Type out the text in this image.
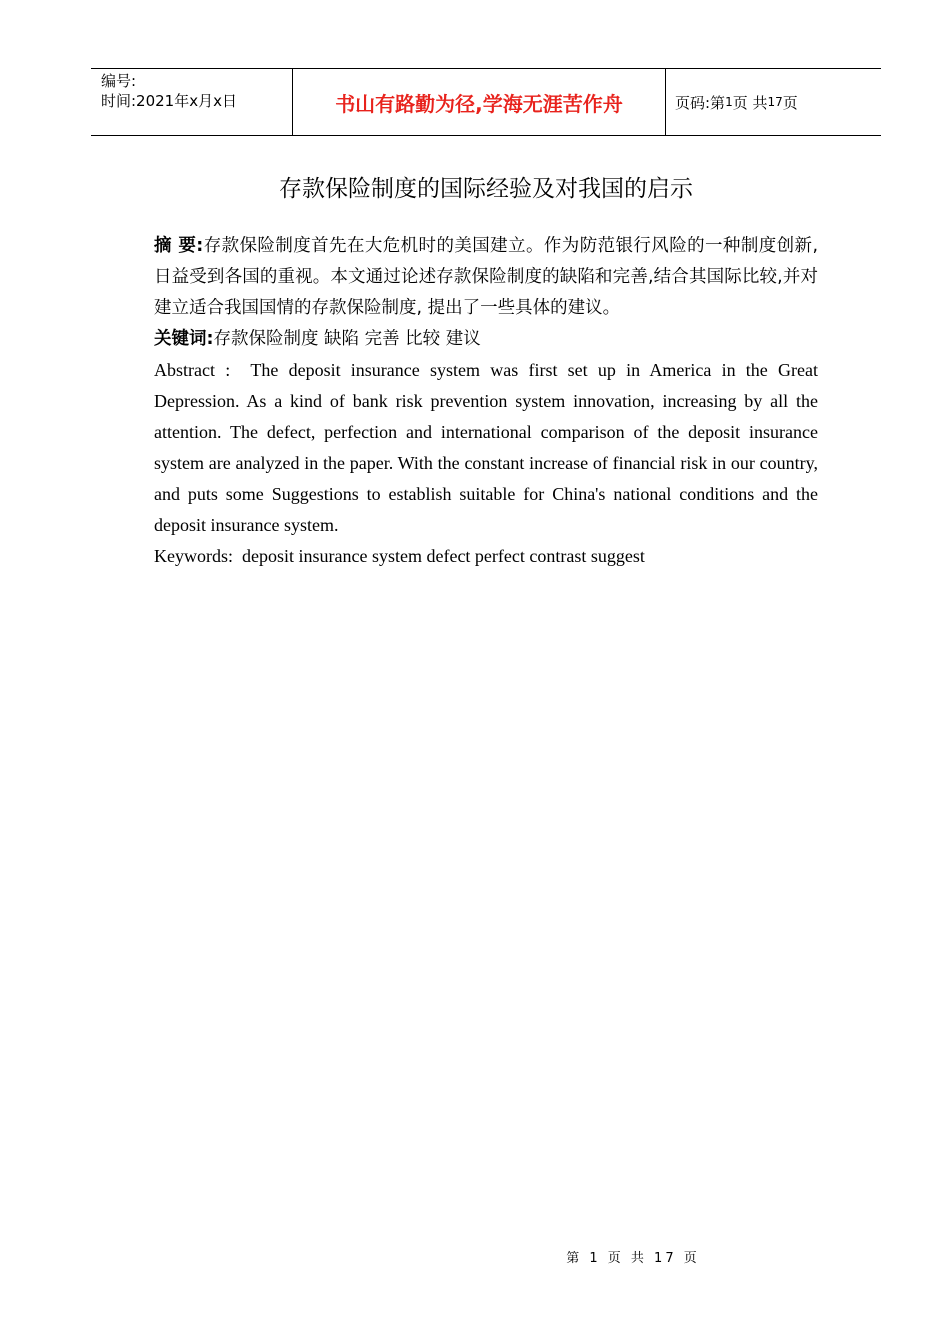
编号:
时间:2021年x月x日	书山有路勤为径,学海无涯苦作舟	页码:第 1 页 共 17 页
存款保险制度的国际经验及对我国的启示

摘 要:存款保险制度首先在大危机时的美国建立。作为防范银行风险的一种制度创新, 日益受到各国的重视。本文通过论述存款保险制度的缺陷和完善,结合其国际比较,并对建立适合我国国情的存款保险制度, 提出了一些具体的建议。

关键词:存款保险制度 缺陷 完善 比较 建议

Abstract : The deposit insurance system was first set up in America in the Great Depression. As a kind of bank risk prevention system innovation, increasing by all the attention. The defect, perfection and international comparison of the deposit insurance system are analyzed in the paper. With the constant increase of financial risk in our country, and puts some Suggestions to establish suitable for China's national conditions and the deposit insurance system.

Keywords: deposit insurance system defect perfect contrast suggest

第 1 页 共 17 页
